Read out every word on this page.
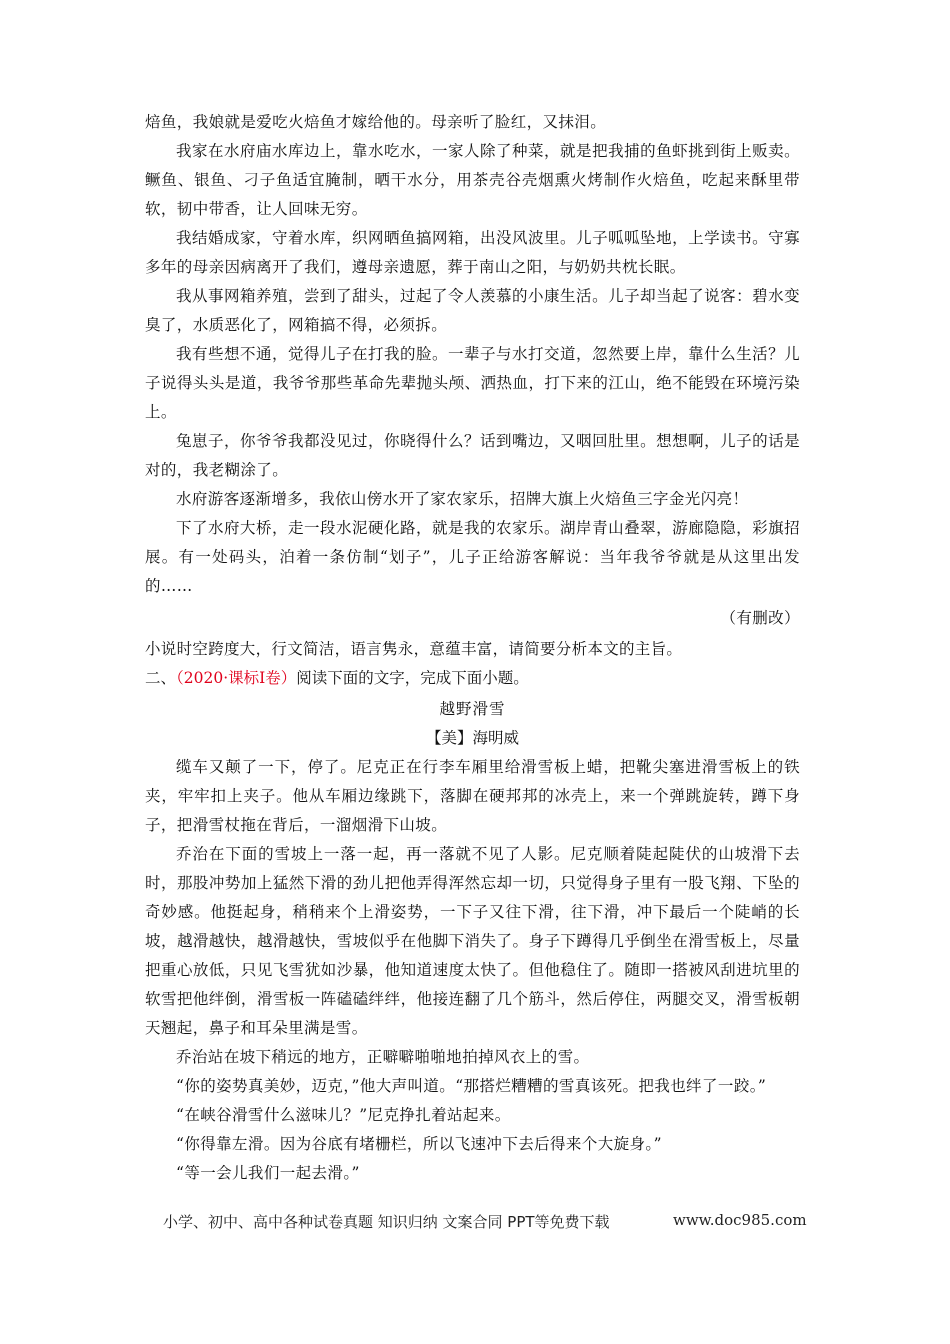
焙鱼，我娘就是爱吃火焙鱼才嫁给他的。母亲听了脸红，又抹泪。

我家在水府庙水库边上，靠水吃水，一家人除了种菜，就是把我捕的鱼虾挑到街上贩卖。鳜鱼、银鱼、刁子鱼适宜腌制，晒干水分，用茶壳谷壳烟熏火烤制作火焙鱼，吃起来酥里带软，韧中带香，让人回味无穷。

我结婚成家，守着水库，织网晒鱼搞网箱，出没风波里。儿子呱呱坠地，上学读书。守寡多年的母亲因病离开了我们，遵母亲遗愿，葬于南山之阳，与奶奶共枕长眠。

我从事网箱养殖，尝到了甜头，过起了令人羡慕的小康生活。儿子却当起了说客：碧水变臭了，水质恶化了，网箱搞不得，必须拆。

我有些想不通，觉得儿子在打我的脸。一辈子与水打交道，忽然要上岸，靠什么生活？儿子说得头头是道，我爷爷那些革命先辈抛头颅、洒热血，打下来的江山，绝不能毁在环境污染上。

兔崽子，你爷爷我都没见过，你晓得什么？话到嘴边，又咽回肚里。想想啊，儿子的话是对的，我老糊涂了。

水府游客逐渐增多，我依山傍水开了家农家乐，招牌大旗上火焙鱼三字金光闪亮！

下了水府大桥，走一段水泥硬化路，就是我的农家乐。湖岸青山叠翠，游廊隐隐，彩旗招展。有一处码头，泊着一条仿制“划子”，儿子正给游客解说：当年我爷爷就是从这里出发的……

（有删改）

小说时空跨度大，行文简洁，语言隽永，意蕴丰富，请简要分析本文的主旨。

二、（2020·课标I卷）阅读下面的文字，完成下面小题。

越野滑雪

【美】海明威

缆车又颠了一下，停了。尼克正在行李车厢里给滑雪板上蜡，把靴尖塞进滑雪板上的铁夹，牢牢扣上夹子。他从车厢边缘跳下，落脚在硬邦邦的冰壳上，来一个弹跳旋转，蹲下身子，把滑雪杖拖在背后，一溜烟滑下山坡。

乔治在下面的雪坡上一落一起，再一落就不见了人影。尼克顺着陡起陡伏的山坡滑下去时，那股冲势加上猛然下滑的劲儿把他弄得浑然忘却一切，只觉得身子里有一股飞翔、下坠的奇妙感。他挺起身，稍稍来个上滑姿势，一下子又往下滑，往下滑，冲下最后一个陡峭的长坡，越滑越快，越滑越快，雪坡似乎在他脚下消失了。身子下蹲得几乎倒坐在滑雪板上，尽量把重心放低，只见飞雪犹如沙暴，他知道速度太快了。但他稳住了。随即一搭被风刮进坑里的软雪把他绊倒，滑雪板一阵磕磕绊绊，他接连翻了几个筋斗，然后停住，两腿交叉，滑雪板朝天翘起，鼻子和耳朵里满是雪。

乔治站在坡下稍远的地方，正噼噼啪啪地拍掉风衣上的雪。

“你的姿势真美妙，迈克，”他大声叫道。“那搭烂糟糟的雪真该死。把我也绊了一跤。”

“在峡谷滑雪什么滋味儿？”尼克挣扎着站起来。

“你得靠左滑。因为谷底有堵栅栏，所以飞速冲下去后得来个大旋身。”

“等一会儿我们一起去滑。”

小学、初中、高中各种试卷真题 知识归纳 文案合同 PPT等免费下载	www.doc985.com
